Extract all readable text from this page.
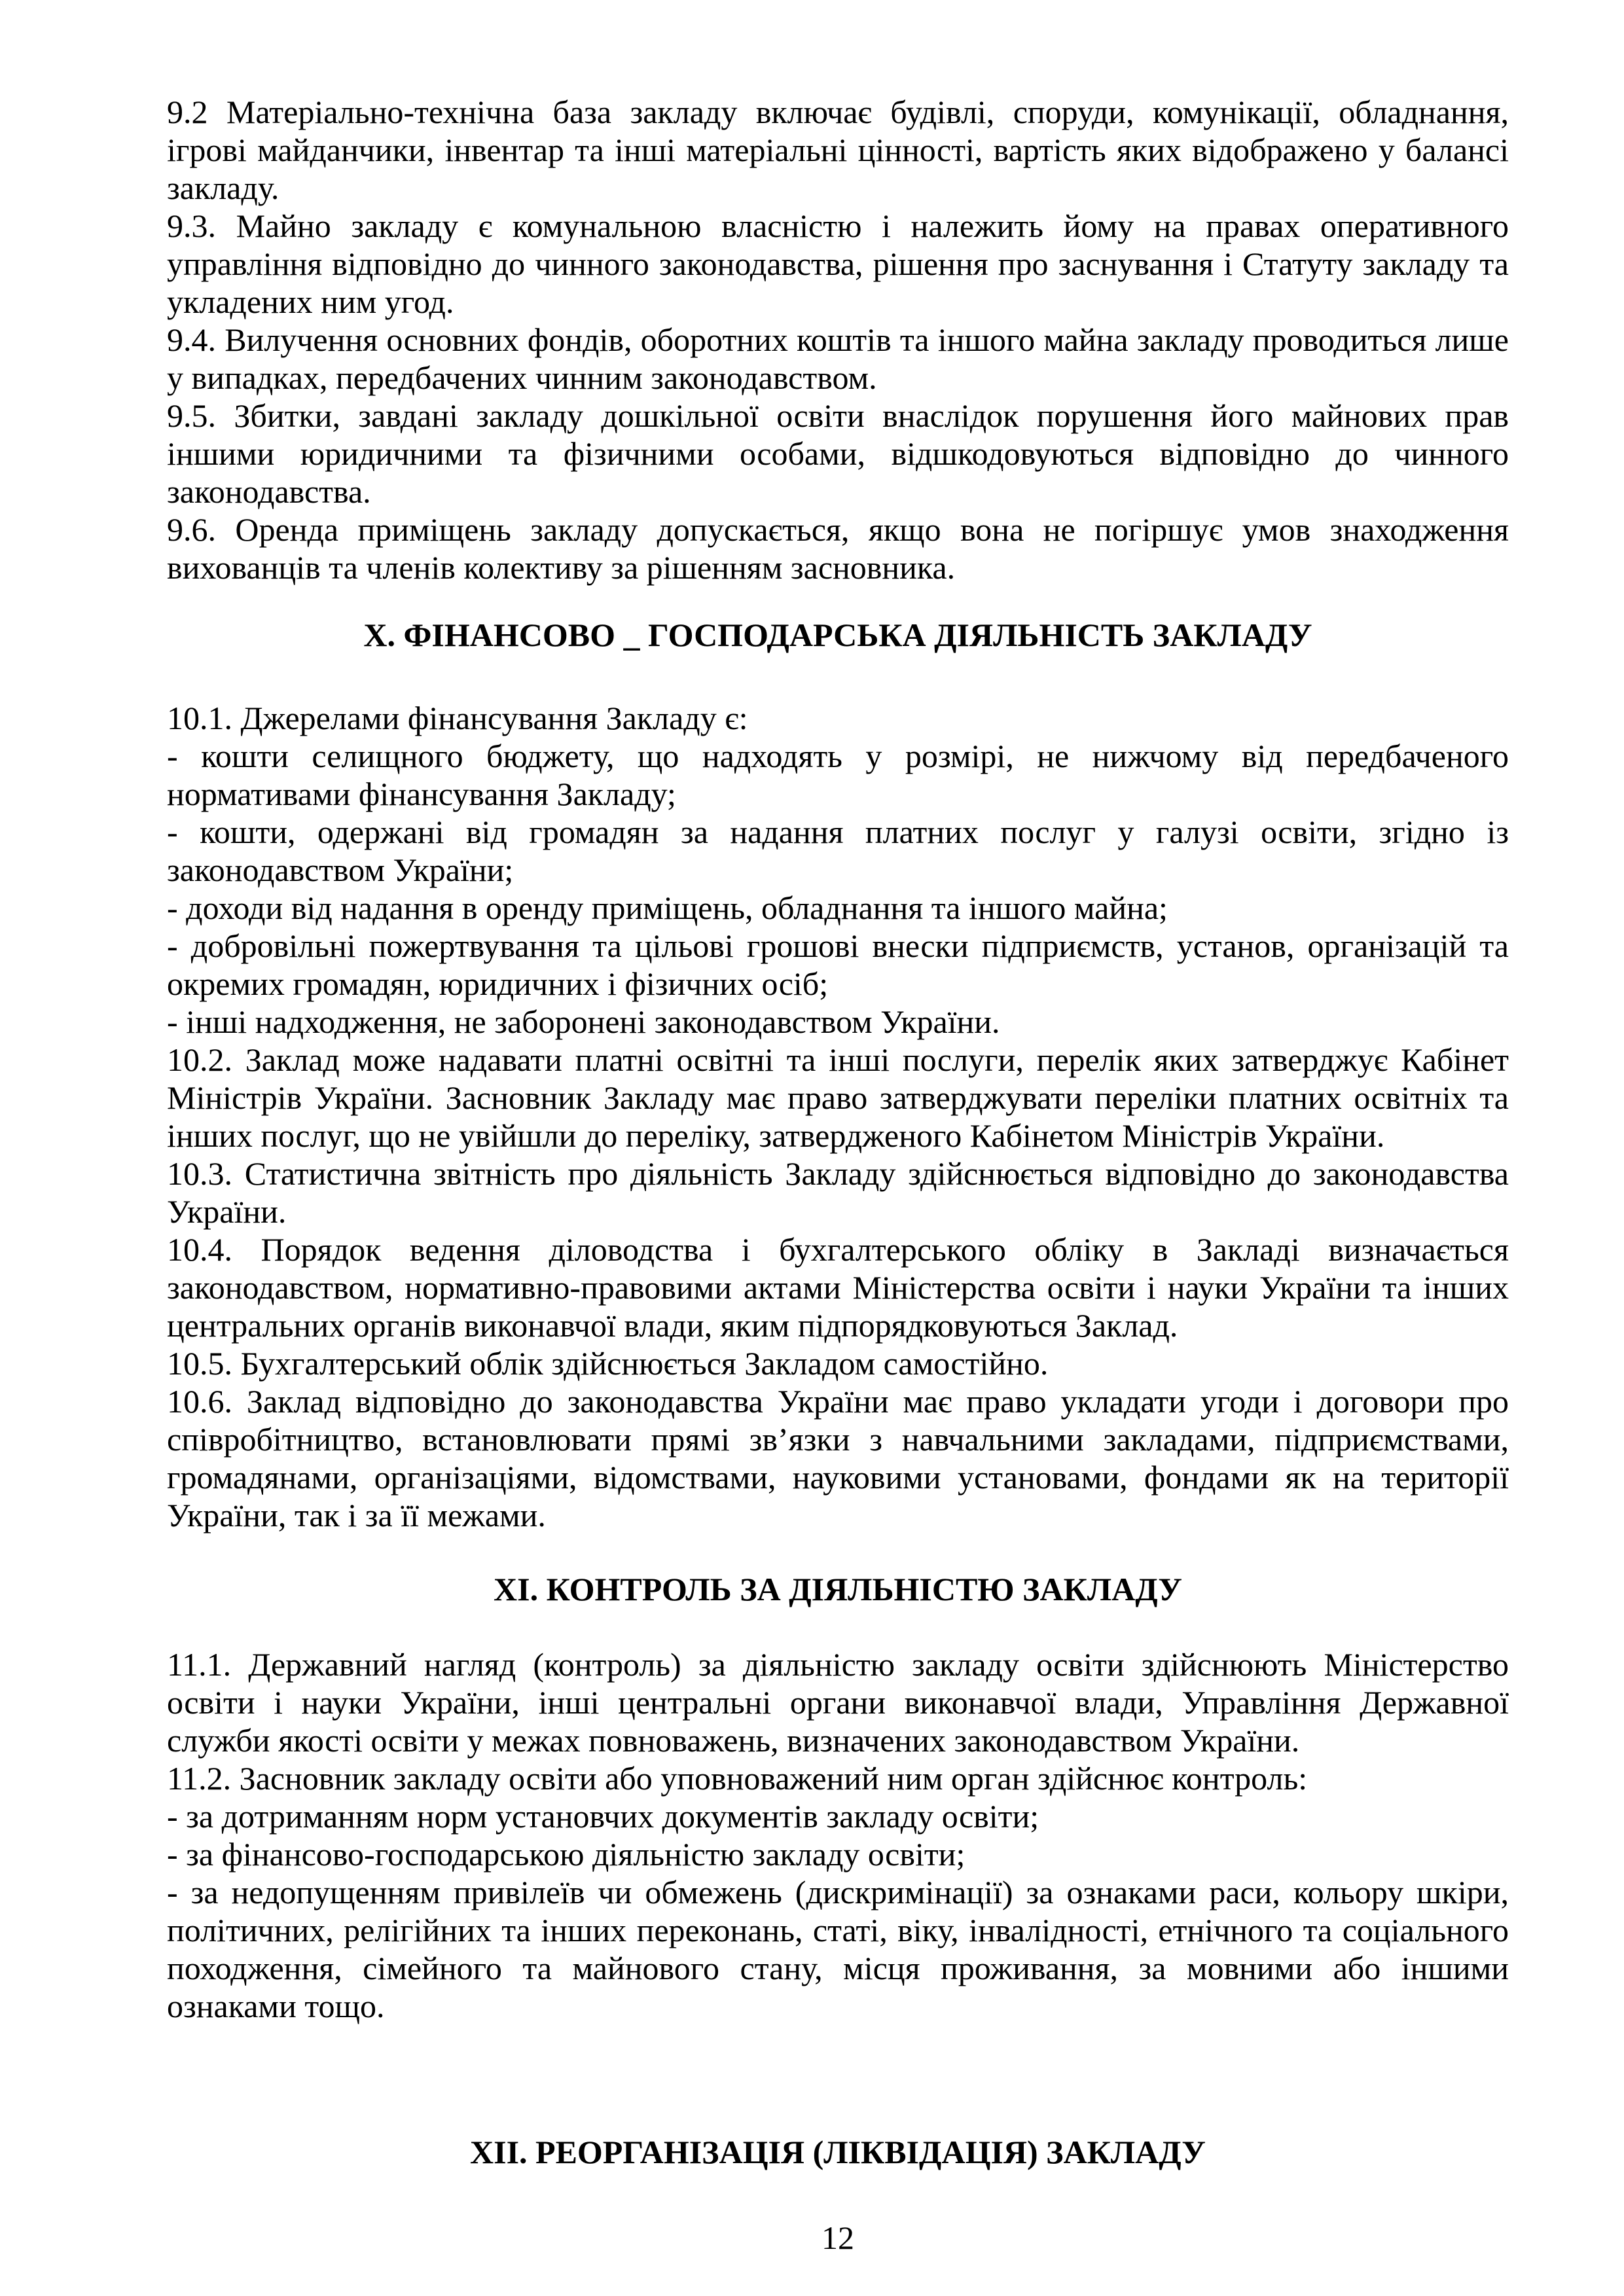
9.2 Матеріально-технічна база закладу включає будівлі, споруди, комунікації, обладнання, ігрові майданчики, інвентар та інші матеріальні цінності, вартість яких відображено у балансі закладу.

9.3. Майно закладу є комунальною власністю і належить йому на правах оперативного управління відповідно до чинного законодавства, рішення про заснування і Статуту закладу та укладених ним угод.

9.4. Вилучення основних фондів, оборотних коштів та іншого майна закладу проводиться лише у випадках, передбачених чинним законодавством.

9.5. Збитки, завдані закладу дошкільної освіти внаслідок порушення його майнових прав іншими юридичними та фізичними особами, відшкодовуються відповідно до чинного законодавства.

9.6. Оренда приміщень закладу допускається, якщо вона не погіршує умов знаходження вихованців та членів колективу за рішенням засновника.

X. ФІНАНСОВО _ ГОСПОДАРСЬКА ДІЯЛЬНІСТЬ ЗАКЛАДУ

10.1. Джерелами фінансування Закладу є:

- кошти селищного бюджету, що надходять у розмірі, не нижчому від передбаченого нормативами фінансування Закладу;

- кошти, одержані від громадян за надання платних послуг у галузі освіти, згідно із законодавством України;

- доходи від надання в оренду приміщень, обладнання та іншого майна;

- добровільні пожертвування та цільові грошові внески підприємств, установ, організацій та окремих громадян, юридичних і фізичних осіб;

- інші надходження, не заборонені законодавством України.

10.2. Заклад може надавати платні освітні та інші послуги, перелік яких затверджує Кабінет Міністрів України. Засновник Закладу має право затверджувати переліки платних освітніх та інших послуг, що не увійшли до переліку, затвердженого Кабінетом Міністрів України.

10.3. Статистична звітність про діяльність Закладу здійснюється відповідно до законодавства України.

10.4. Порядок ведення діловодства і бухгалтерського обліку в Закладі визначається законодавством, нормативно-правовими актами Міністерства освіти і науки України та інших центральних органів виконавчої влади, яким підпорядковуються Заклад.

10.5. Бухгалтерський облік здійснюється Закладом самостійно.

10.6. Заклад відповідно до законодавства України має право укладати угоди і договори про співробітництво, встановлювати прямі зв’язки з навчальними закладами, підприємствами, громадянами, організаціями, відомствами, науковими установами, фондами як на території України, так і за її межами.

XI. КОНТРОЛЬ ЗА ДІЯЛЬНІСТЮ ЗАКЛАДУ

11.1. Державний нагляд (контроль) за діяльністю закладу освіти здійснюють Міністерство освіти і науки України, інші центральні органи виконавчої влади, Управління Державної служби якості освіти у межах повноважень, визначених законодавством України.

11.2. Засновник закладу освіти або уповноважений ним орган здійснює контроль:

- за дотриманням норм установчих документів закладу освіти;

- за фінансово-господарською діяльністю закладу освіти;

- за недопущенням привілеїв чи обмежень (дискримінації) за ознаками раси, кольору шкіри, політичних, релігійних та інших переконань, статі, віку, інвалідності, етнічного та соціального походження, сімейного та майнового стану, місця проживання, за мовними або іншими ознаками тощо.

XII. РЕОРГАНІЗАЦІЯ (ЛІКВІДАЦІЯ) ЗАКЛАДУ
12
